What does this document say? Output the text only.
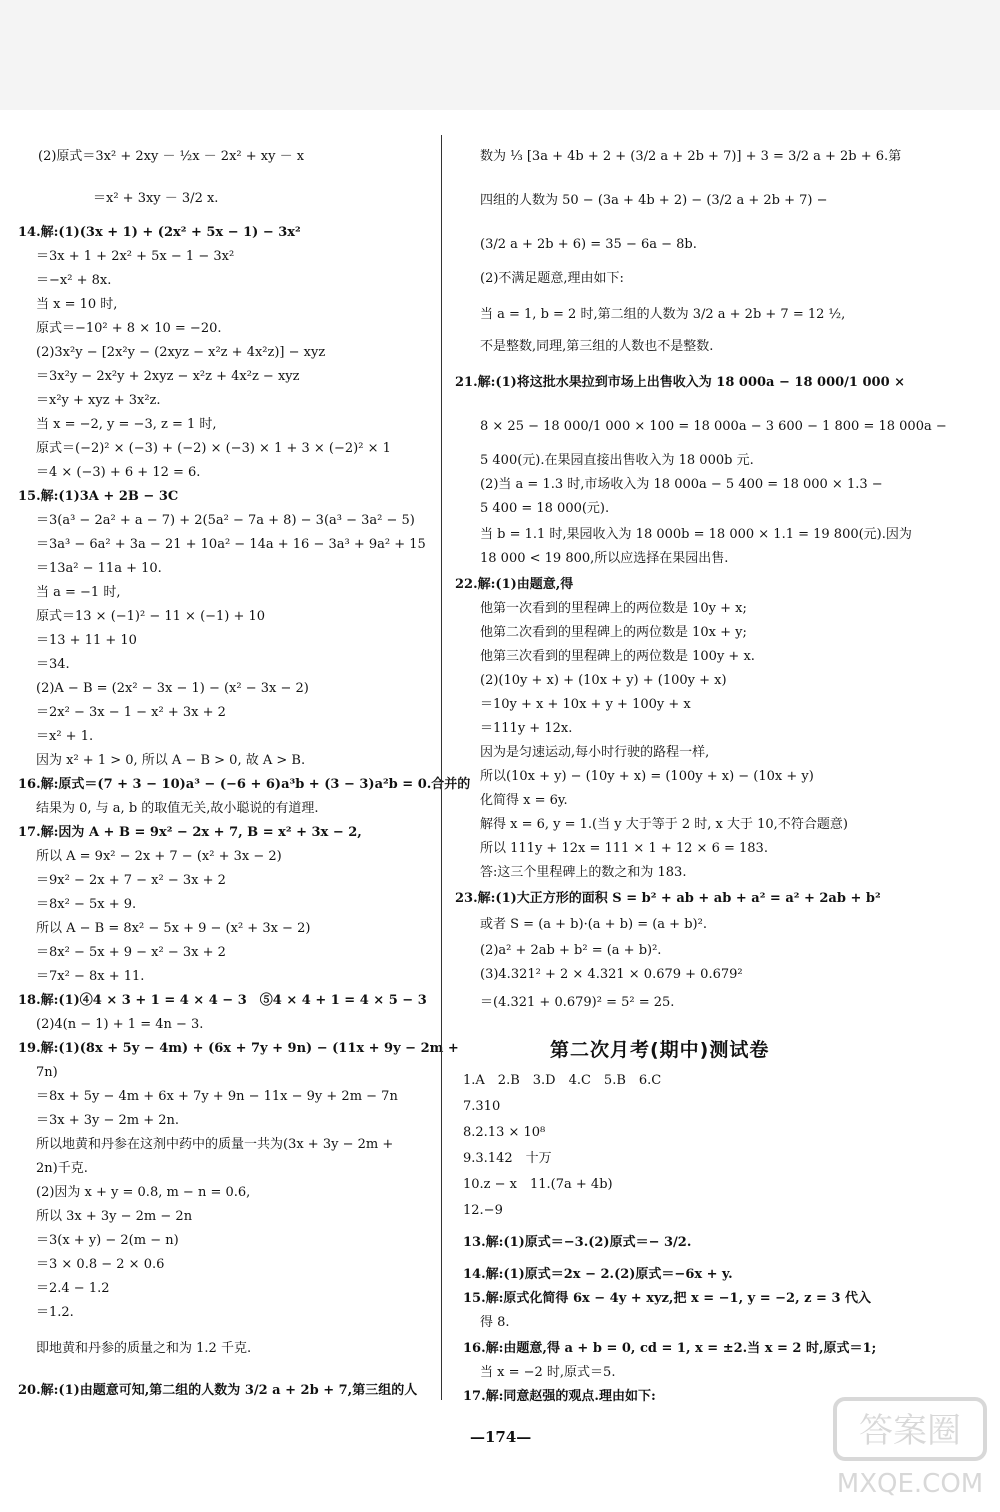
(2)原式＝3x² + 2xy － ½x － 2x² + xy － x
＝x² + 3xy － 3/2 x.
14.解:(1)(3x + 1) + (2x² + 5x − 1) − 3x²
＝3x + 1 + 2x² + 5x − 1 − 3x²
＝−x² + 8x.
当 x = 10 时,
原式＝−10² + 8 × 10 = −20.
(2)3x²y − [2x²y − (2xyz − x²z + 4x²z)] − xyz
＝3x²y − 2x²y + 2xyz − x²z + 4x²z − xyz
＝x²y + xyz + 3x²z.
当 x = −2, y = −3, z = 1 时,
原式＝(−2)² × (−3) + (−2) × (−3) × 1 + 3 × (−2)² × 1
＝4 × (−3) + 6 + 12 = 6.
15.解:(1)3A + 2B − 3C
＝3(a³ − 2a² + a − 7) + 2(5a² − 7a + 8) − 3(a³ − 3a² − 5)
＝3a³ − 6a² + 3a − 21 + 10a² − 14a + 16 − 3a³ + 9a² + 15
＝13a² − 11a + 10.
当 a = −1 时,
原式＝13 × (−1)² − 11 × (−1) + 10
＝13 + 11 + 10
＝34.
(2)A − B = (2x² − 3x − 1) − (x² − 3x − 2)
＝2x² − 3x − 1 − x² + 3x + 2
＝x² + 1.
因为 x² + 1 > 0, 所以 A − B > 0, 故 A > B.
16.解:原式＝(7 + 3 − 10)a³ − (−6 + 6)a³b + (3 − 3)a²b = 0.合并的
结果为 0, 与 a, b 的取值无关,故小聪说的有道理.
17.解:因为 A + B = 9x² − 2x + 7, B = x² + 3x − 2,
所以 A = 9x² − 2x + 7 − (x² + 3x − 2)
＝9x² − 2x + 7 − x² − 3x + 2
＝8x² − 5x + 9.
所以 A − B = 8x² − 5x + 9 − (x² + 3x − 2)
＝8x² − 5x + 9 − x² − 3x + 2
＝7x² − 8x + 11.
18.解:(1)④4 × 3 + 1 = 4 × 4 − 3　⑤4 × 4 + 1 = 4 × 5 − 3
(2)4(n − 1) + 1 = 4n − 3.
19.解:(1)(8x + 5y − 4m) + (6x + 7y + 9n) − (11x + 9y − 2m +
7n)
＝8x + 5y − 4m + 6x + 7y + 9n − 11x − 9y + 2m − 7n
＝3x + 3y − 2m + 2n.
所以地黄和丹参在这剂中药中的质量一共为(3x + 3y − 2m +
2n)千克.
(2)因为 x + y = 0.8, m − n = 0.6,
所以 3x + 3y − 2m − 2n
＝3(x + y) − 2(m − n)
＝3 × 0.8 − 2 × 0.6
＝2.4 − 1.2
＝1.2.
即地黄和丹参的质量之和为 1.2 千克.
20.解:(1)由题意可知,第二组的人数为 3/2 a + 2b + 7,第三组的人
数为 ⅓ [3a + 4b + 2 + (3/2 a + 2b + 7)] + 3 = 3/2 a + 2b + 6.第
四组的人数为 50 − (3a + 4b + 2) − (3/2 a + 2b + 7) −
(3/2 a + 2b + 6) = 35 − 6a − 8b.
(2)不满足题意,理由如下:
当 a = 1, b = 2 时,第二组的人数为 3/2 a + 2b + 7 = 12 ½,
不是整数,同理,第三组的人数也不是整数.
21.解:(1)将这批水果拉到市场上出售收入为 18 000a − 18 000/1 000 ×
8 × 25 − 18 000/1 000 × 100 = 18 000a − 3 600 − 1 800 = 18 000a −
5 400(元).在果园直接出售收入为 18 000b 元.
(2)当 a = 1.3 时,市场收入为 18 000a − 5 400 = 18 000 × 1.3 −
5 400 = 18 000(元).
当 b = 1.1 时,果园收入为 18 000b = 18 000 × 1.1 = 19 800(元).因为
18 000 < 19 800,所以应选择在果园出售.
22.解:(1)由题意,得
他第一次看到的里程碑上的两位数是 10y + x;
他第二次看到的里程碑上的两位数是 10x + y;
他第三次看到的里程碑上的两位数是 100y + x.
(2)(10y + x) + (10x + y) + (100y + x)
＝10y + x + 10x + y + 100y + x
＝111y + 12x.
因为是匀速运动,每小时行驶的路程一样,
所以(10x + y) − (10y + x) = (100y + x) − (10x + y)
化简得 x = 6y.
解得 x = 6, y = 1.(当 y 大于等于 2 时, x 大于 10,不符合题意)
所以 111y + 12x = 111 × 1 + 12 × 6 = 183.
答:这三个里程碑上的数之和为 183.
23.解:(1)大正方形的面积 S = b² + ab + ab + a² = a² + 2ab + b²
或者 S = (a + b)·(a + b) = (a + b)².
(2)a² + 2ab + b² = (a + b)².
(3)4.321² + 2 × 4.321 × 0.679 + 0.679²
＝(4.321 + 0.679)² = 5² = 25.
1.A　2.B　3.D　4.C　5.B　6.C
7.310
8.2.13 × 10⁸
9.3.142　十万
10.z − x　11.(7a + 4b)
12.−9
13.解:(1)原式＝−3.(2)原式＝− 3/2.
14.解:(1)原式＝2x − 2.(2)原式＝−6x + y.
15.解:原式化简得 6x − 4y + xyz,把 x = −1, y = −2, z = 3 代入
得 8.
16.解:由题意,得 a + b = 0, cd = 1, x = ±2.当 x = 2 时,原式＝1;
当 x = −2 时,原式＝5.
17.解:同意赵强的观点.理由如下:
第二次月考(期中)测试卷
—174—	答案圈
MXQE.COM
